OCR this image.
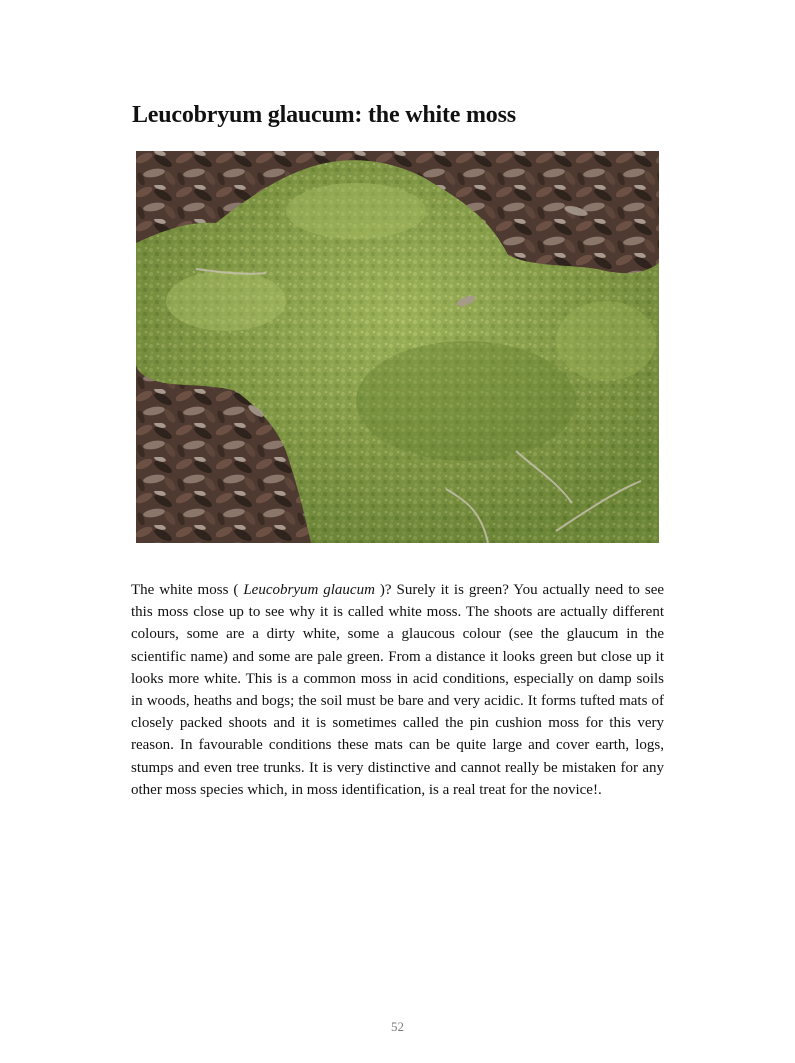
Leucobryum glaucum: the white moss

The white moss ( Leucobryum glaucum )? Surely it is green? You actually need to see this moss close up to see why it is called white moss. The shoots are actually different colours, some are a dirty white, some a glaucous colour (see the glaucum in the scientific name) and some are pale green. From a distance it looks green but close up it looks more white. This is a common moss in acid conditions, especially on damp soils in woods, heaths and bogs; the soil must be bare and very acidic. It forms tufted mats of closely packed shoots and it is sometimes called the pin cushion moss for this very reason. In favourable conditions these mats can be quite large and cover earth, logs, stumps and even tree trunks. It is very distinctive and cannot really be mistaken for any other moss species which, in moss identification, is a real treat for the novice!.

52
